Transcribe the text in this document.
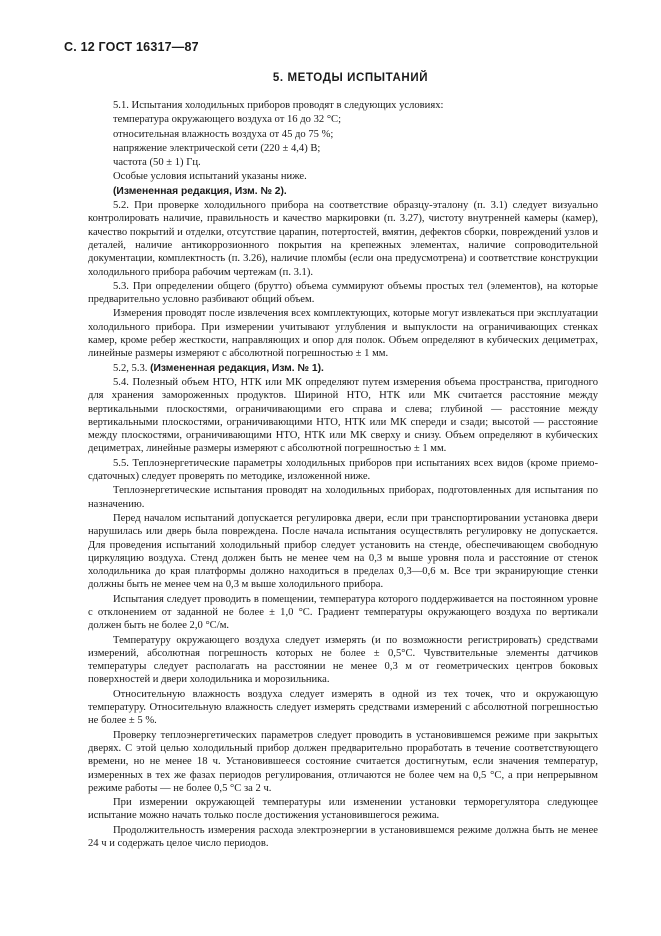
С. 12 ГОСТ 16317—87
5. МЕТОДЫ ИСПЫТАНИЙ

5.1. Испытания холодильных приборов проводят в следующих условиях:

температура окружающего воздуха от 16 до 32 °С;

относительная влажность воздуха от 45 до 75 %;

напряжение электрической сети (220 ± 4,4) В;

частота (50 ± 1) Гц.

Особые условия испытаний указаны ниже.

(Измененная редакция, Изм. № 2).

5.2. При проверке холодильного прибора на соответствие образцу-эталону (п. 3.1) следует визуально контролировать наличие, правильность и качество маркировки (п. 3.27), чистоту внутренней камеры (камер), качество покрытий и отделки, отсутствие царапин, потертостей, вмятин, дефектов сборки, повреждений узлов и деталей, наличие антикоррозионного покрытия на крепежных элементах, наличие сопроводительной документации, комплектность (п. 3.26), наличие пломбы (если она предусмотрена) и соответствие конструкции холодильного прибора рабочим чертежам (п. 3.1).

5.3. При определении общего (брутто) объема суммируют объемы простых тел (элементов), на которые предварительно условно разбивают общий объем.

Измерения проводят после извлечения всех комплектующих, которые могут извлекаться при эксплуатации холодильного прибора. При измерении учитывают углубления и выпуклости на ограничивающих стенках камер, кроме ребер жесткости, направляющих и опор для полок. Объем определяют в кубических дециметрах, линейные размеры измеряют с абсолютной погрешностью ± 1 мм.

5.2, 5.3. (Измененная редакция, Изм. № 1).

5.4. Полезный объем НТО, НТК или МК определяют путем измерения объема пространства, пригодного для хранения замороженных продуктов. Шириной НТО, НТК или МК считается расстояние между вертикальными плоскостями, ограничивающими его справа и слева; глубиной — расстояние между вертикальными плоскостями, ограничивающими НТО, НТК или МК спереди и сзади; высотой — расстояние между плоскостями, ограничивающими НТО, НТК или МК сверху и снизу. Объем определяют в кубических дециметрах, линейные размеры измеряют с абсолютной погрешностью ± 1 мм.

5.5. Теплоэнергетические параметры холодильных приборов при испытаниях всех видов (кроме приемо-сдаточных) следует проверять по методике, изложенной ниже.

Теплоэнергетические испытания проводят на холодильных приборах, подготовленных для испытания по назначению.

Перед началом испытаний допускается регулировка двери, если при транспортировании установка двери нарушилась или дверь была повреждена. После начала испытания осуществлять регулировку не допускается. Для проведения испытаний холодильный прибор следует установить на стенде, обеспечивающем свободную циркуляцию воздуха. Стенд должен быть не менее чем на 0,3 м выше уровня пола и расстояние от стенок холодильника до края платформы должно находиться в пределах 0,3—0,6 м. Все три экранирующие стенки должны быть не менее чем на 0,3 м выше холодильного прибора.

Испытания следует проводить в помещении, температура которого поддерживается на постоянном уровне с отклонением от заданной не более ± 1,0 °С. Градиент температуры окружающего воздуха по вертикали должен быть не более 2,0 °С/м.

Температуру окружающего воздуха следует измерять (и по возможности регистрировать) средствами измерений, абсолютная погрешность которых не более ± 0,5°С. Чувствительные элементы датчиков температуры следует располагать на расстоянии не менее 0,3 м от геометрических центров боковых поверхностей и двери холодильника и морозильника.

Относительную влажность воздуха следует измерять в одной из тех точек, что и окружающую температуру. Относительную влажность следует измерять средствами измерений с абсолютной погрешностью не более ± 5 %.

Проверку теплоэнергетических параметров следует проводить в установившемся режиме при закрытых дверях. С этой целью холодильный прибор должен предварительно проработать в течение соответствующего времени, но не менее 18 ч. Установившееся состояние считается достигнутым, если значения температур, измеренных в тех же фазах периодов регулирования, отличаются не более чем на 0,5 °С, а при непрерывном режиме работы — не более 0,5 °С за 2 ч.

При измерении окружающей температуры или изменении установки терморегулятора следующее испытание можно начать только после достижения установившегося режима.

Продолжительность измерения расхода электроэнергии в установившемся режиме должна быть не менее 24 ч и содержать целое число периодов.
